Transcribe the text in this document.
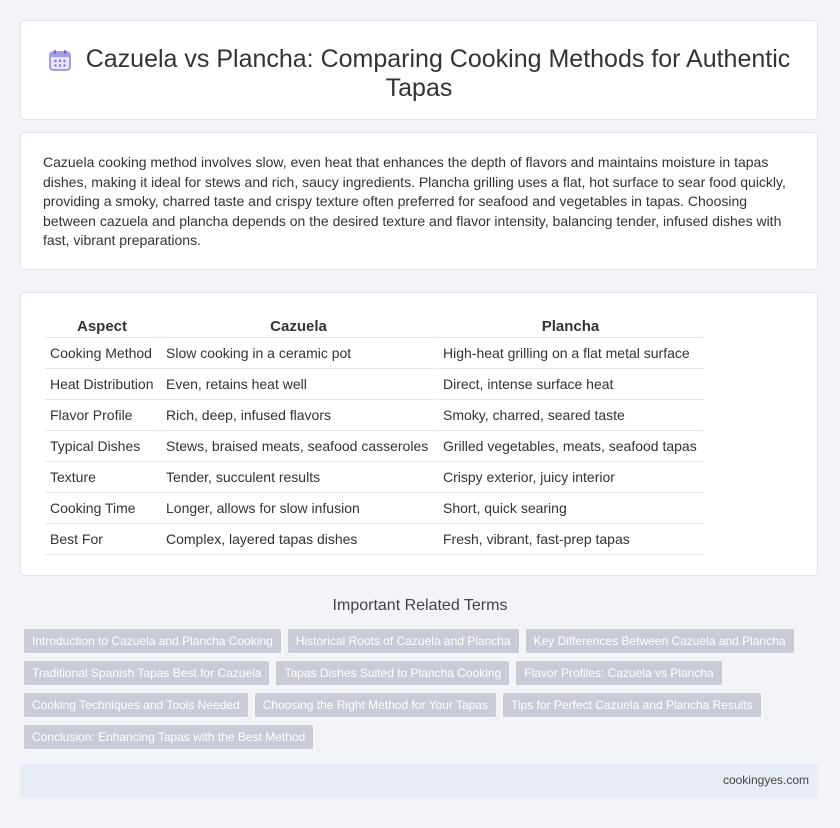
Cazuela vs Plancha: Comparing Cooking Methods for Authentic
Tapas
Cazuela cooking method involves slow, even heat that enhances the depth of flavors and maintains moisture in tapas dishes, making it ideal for stews and rich, saucy ingredients. Plancha grilling uses a flat, hot surface to sear food quickly, providing a smoky, charred taste and crispy texture often preferred for seafood and vegetables in tapas. Choosing between cazuela and plancha depends on the desired texture and flavor intensity, balancing tender, infused dishes with fast, vibrant preparations.
Aspect	Cazuela	Plancha
Cooking Method	Slow cooking in a ceramic pot	High-heat grilling on a flat metal surface
Heat Distribution	Even, retains heat well	Direct, intense surface heat
Flavor Profile	Rich, deep, infused flavors	Smoky, charred, seared taste
Typical Dishes	Stews, braised meats, seafood casseroles	Grilled vegetables, meats, seafood tapas
Texture	Tender, succulent results	Crispy exterior, juicy interior
Cooking Time	Longer, allows for slow infusion	Short, quick searing
Best For	Complex, layered tapas dishes	Fresh, vibrant, fast-prep tapas
Important Related Terms
Introduction to Cazuela and Plancha Cooking	Historical Roots of Cazuela and Plancha	Key Differences Between Cazuela and Plancha
Traditional Spanish Tapas Best for Cazuela	Tapas Dishes Suited to Plancha Cooking	Flavor Profiles: Cazuela vs Plancha
Cooking Techniques and Tools Needed	Choosing the Right Method for Your Tapas	Tips for Perfect Cazuela and Plancha Results
Conclusion: Enhancing Tapas with the Best Method
cookingyes.com
